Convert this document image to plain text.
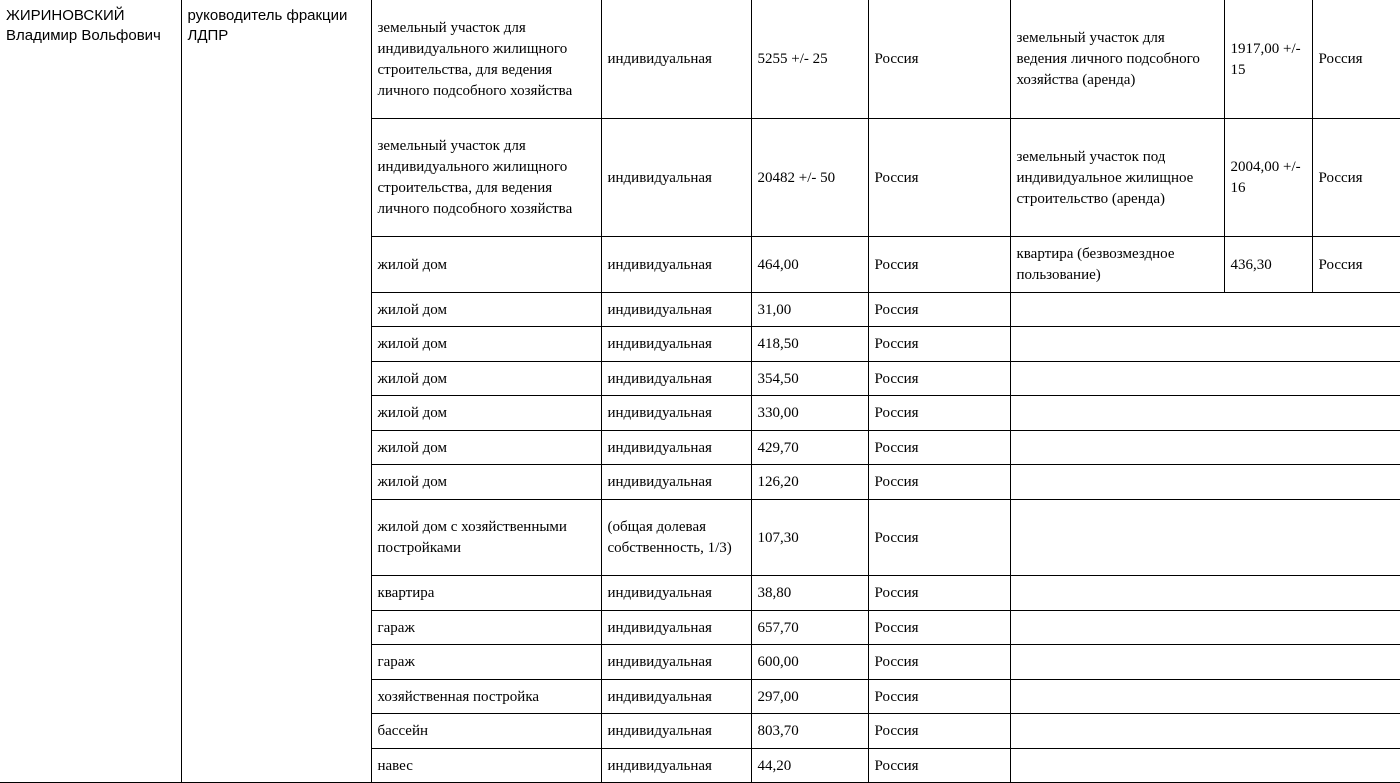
ЖИРИНОВСКИЙ
Владимир Вольфович	руководитель фракции ЛДПР	земельный участок для индивидуального жилищного строительства, для ведения личного подсобного хозяйства	индивидуальная	5255 +/- 25	Россия	земельный участок для ведения личного подсобного хозяйства (аренда)	1917,00 +/- 15	Россия
		земельный участок для индивидуального жилищного строительства, для ведения личного подсобного хозяйства	индивидуальная	20482 +/- 50	Россия	земельный участок под индивидуальное жилищное строительство (аренда)	2004,00 +/- 16	Россия
		жилой дом	индивидуальная	464,00	Россия	квартира (безвозмездное пользование)	436,30	Россия
		жилой дом	индивидуальная	31,00	Россия			
		жилой дом	индивидуальная	418,50	Россия			
		жилой дом	индивидуальная	354,50	Россия			
		жилой дом	индивидуальная	330,00	Россия			
		жилой дом	индивидуальная	429,70	Россия			
		жилой дом	индивидуальная	126,20	Россия			
		жилой дом с хозяйственными постройками	(общая долевая собственность, 1/3)	107,30	Россия			
		квартира	индивидуальная	38,80	Россия			
		гараж	индивидуальная	657,70	Россия			
		гараж	индивидуальная	600,00	Россия			
		хозяйственная постройка	индивидуальная	297,00	Россия			
		бассейн	индивидуальная	803,70	Россия			
		навес	индивидуальная	44,20	Россия			
